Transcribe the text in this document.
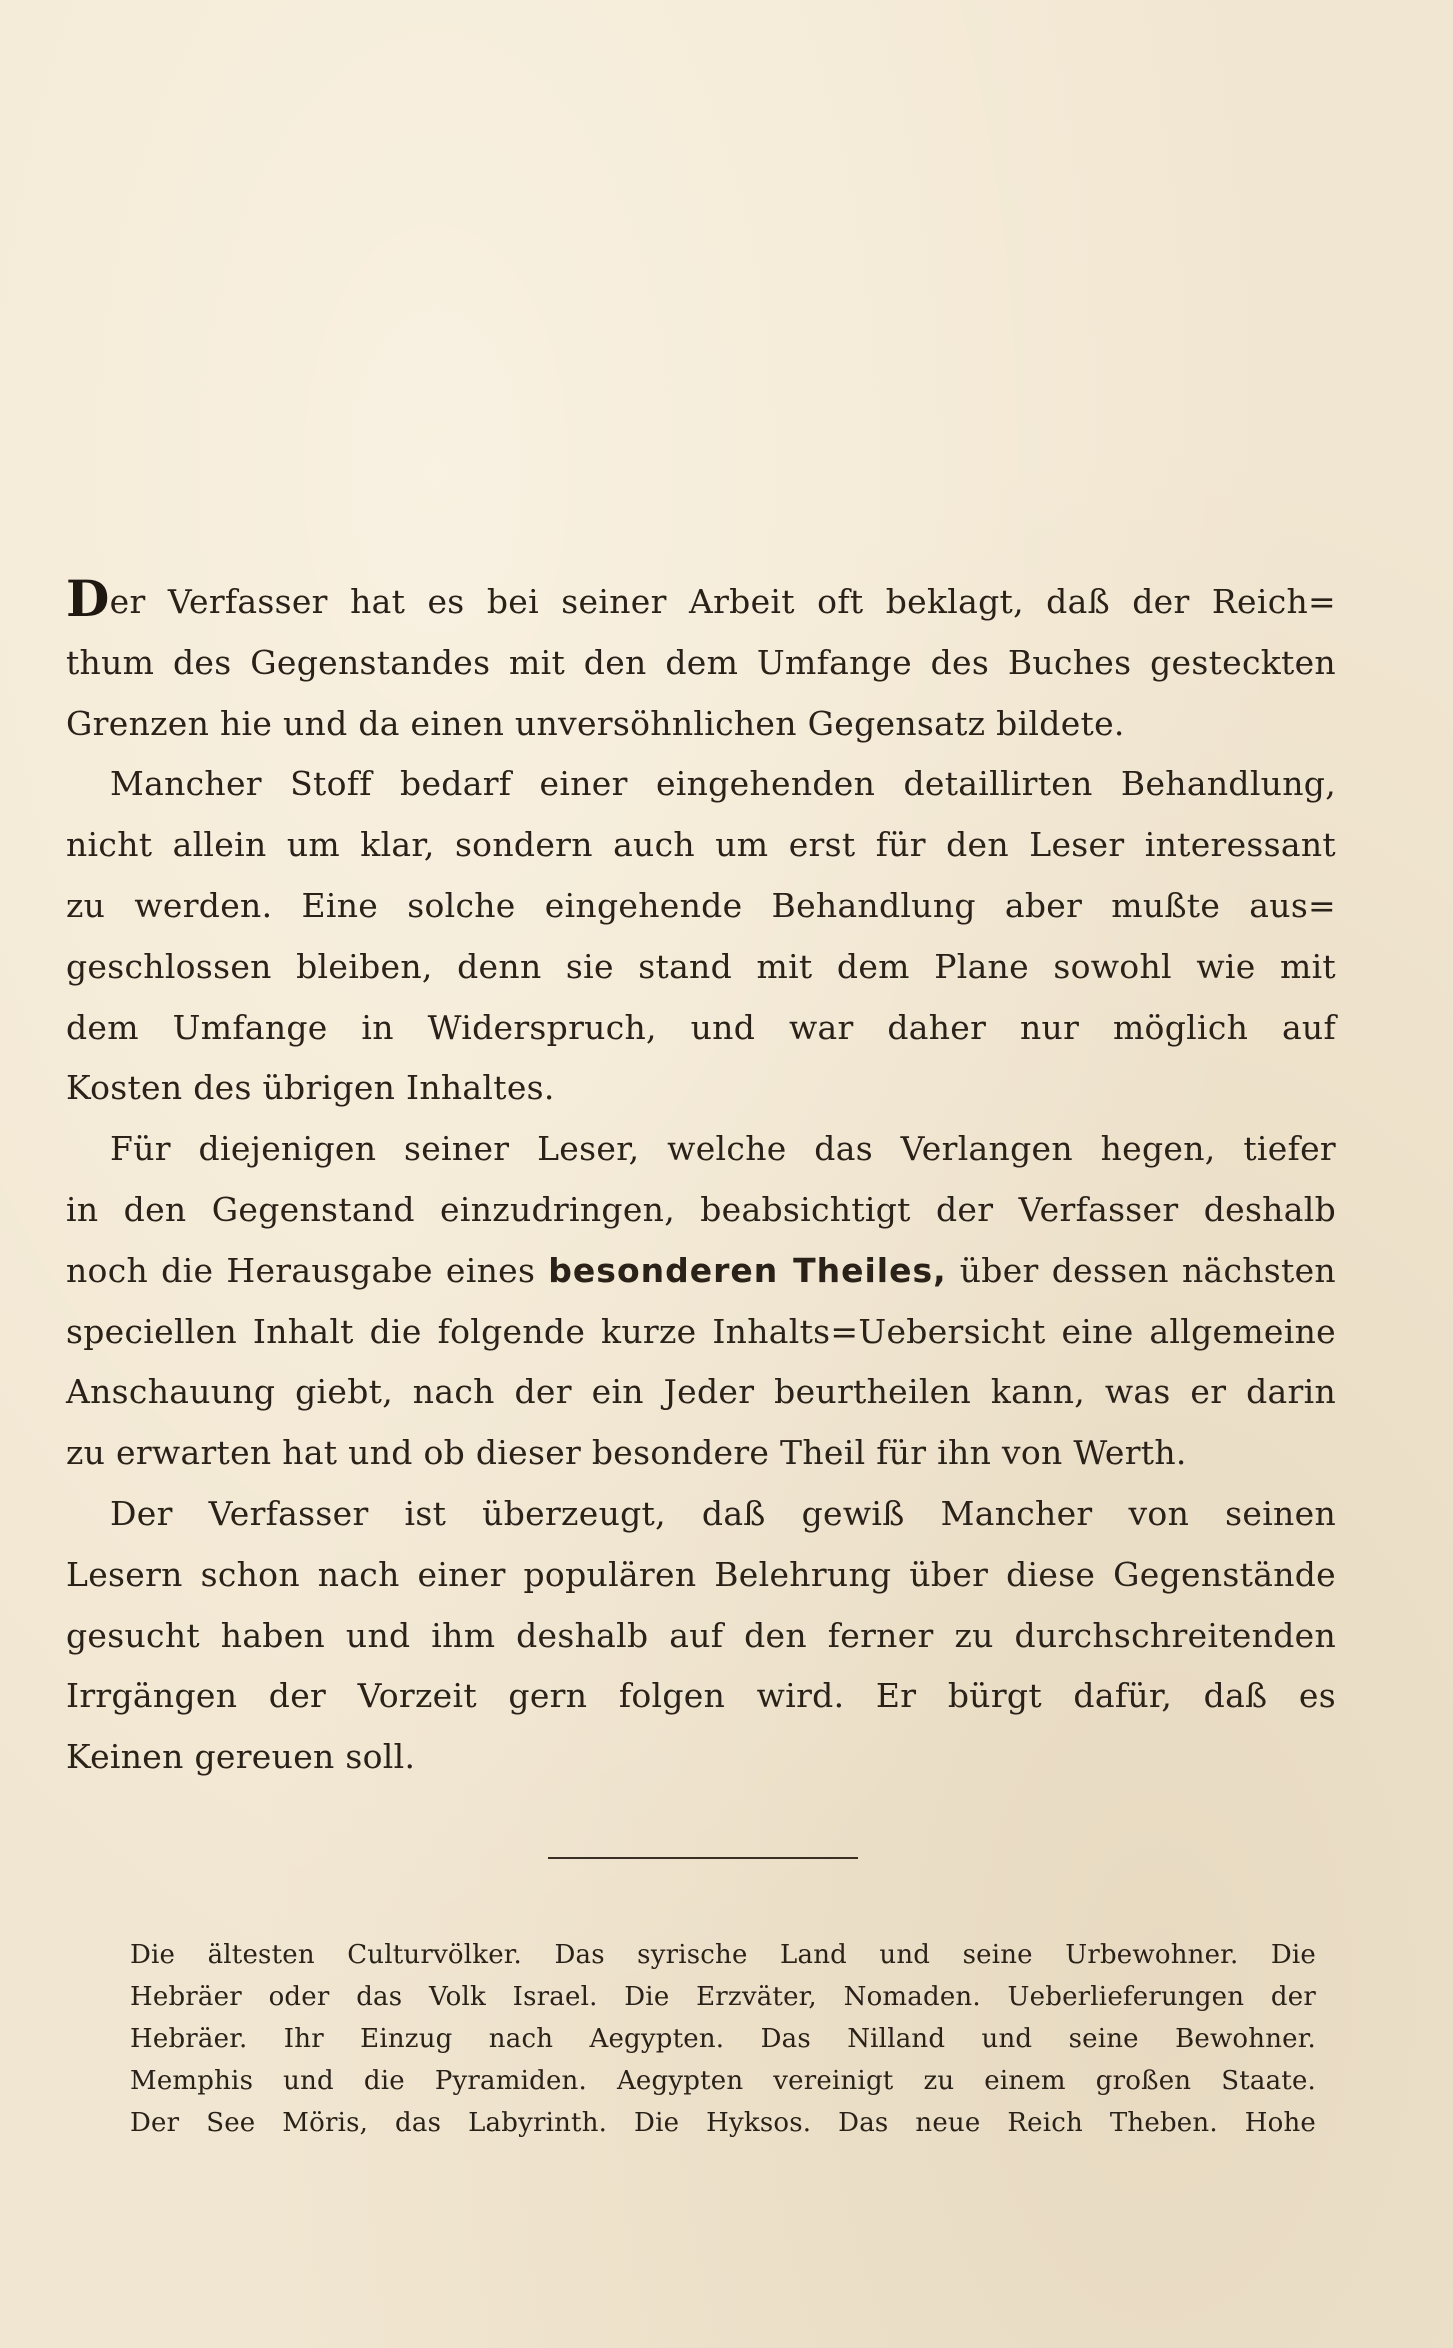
Der Verfasser hat es bei seiner Arbeit oft beklagt, daß der Reich=
thum des Gegenstandes mit den dem Umfange des Buches gesteckten
Grenzen hie und da einen unversöhnlichen Gegensatz bildete.
Mancher Stoff bedarf einer eingehenden detaillirten Behandlung,
nicht allein um klar, sondern auch um erst für den Leser interessant
zu werden. Eine solche eingehende Behandlung aber mußte aus=
geschlossen bleiben, denn sie stand mit dem Plane sowohl wie mit
dem Umfange in Widerspruch, und war daher nur möglich auf
Kosten des übrigen Inhaltes.
Für diejenigen seiner Leser, welche das Verlangen hegen, tiefer
in den Gegenstand einzudringen, beabsichtigt der Verfasser deshalb
noch die Herausgabe eines besonderen Theiles, über dessen nächsten
speciellen Inhalt die folgende kurze Inhalts=Uebersicht eine allgemeine
Anschauung giebt, nach der ein Jeder beurtheilen kann, was er darin
zu erwarten hat und ob dieser besondere Theil für ihn von Werth.
Der Verfasser ist überzeugt, daß gewiß Mancher von seinen
Lesern schon nach einer populären Belehrung über diese Gegenstände
gesucht haben und ihm deshalb auf den ferner zu durchschreitenden
Irrgängen der Vorzeit gern folgen wird. Er bürgt dafür, daß es
Keinen gereuen soll.
Die ältesten Culturvölker. Das syrische Land und seine Urbewohner. Die
Hebräer oder das Volk Israel. Die Erzväter, Nomaden. Ueberlieferungen der
Hebräer. Ihr Einzug nach Aegypten. Das Nilland und seine Bewohner.
Memphis und die Pyramiden. Aegypten vereinigt zu einem großen Staate.
Der See Möris, das Labyrinth. Die Hyksos. Das neue Reich Theben. Hohe
